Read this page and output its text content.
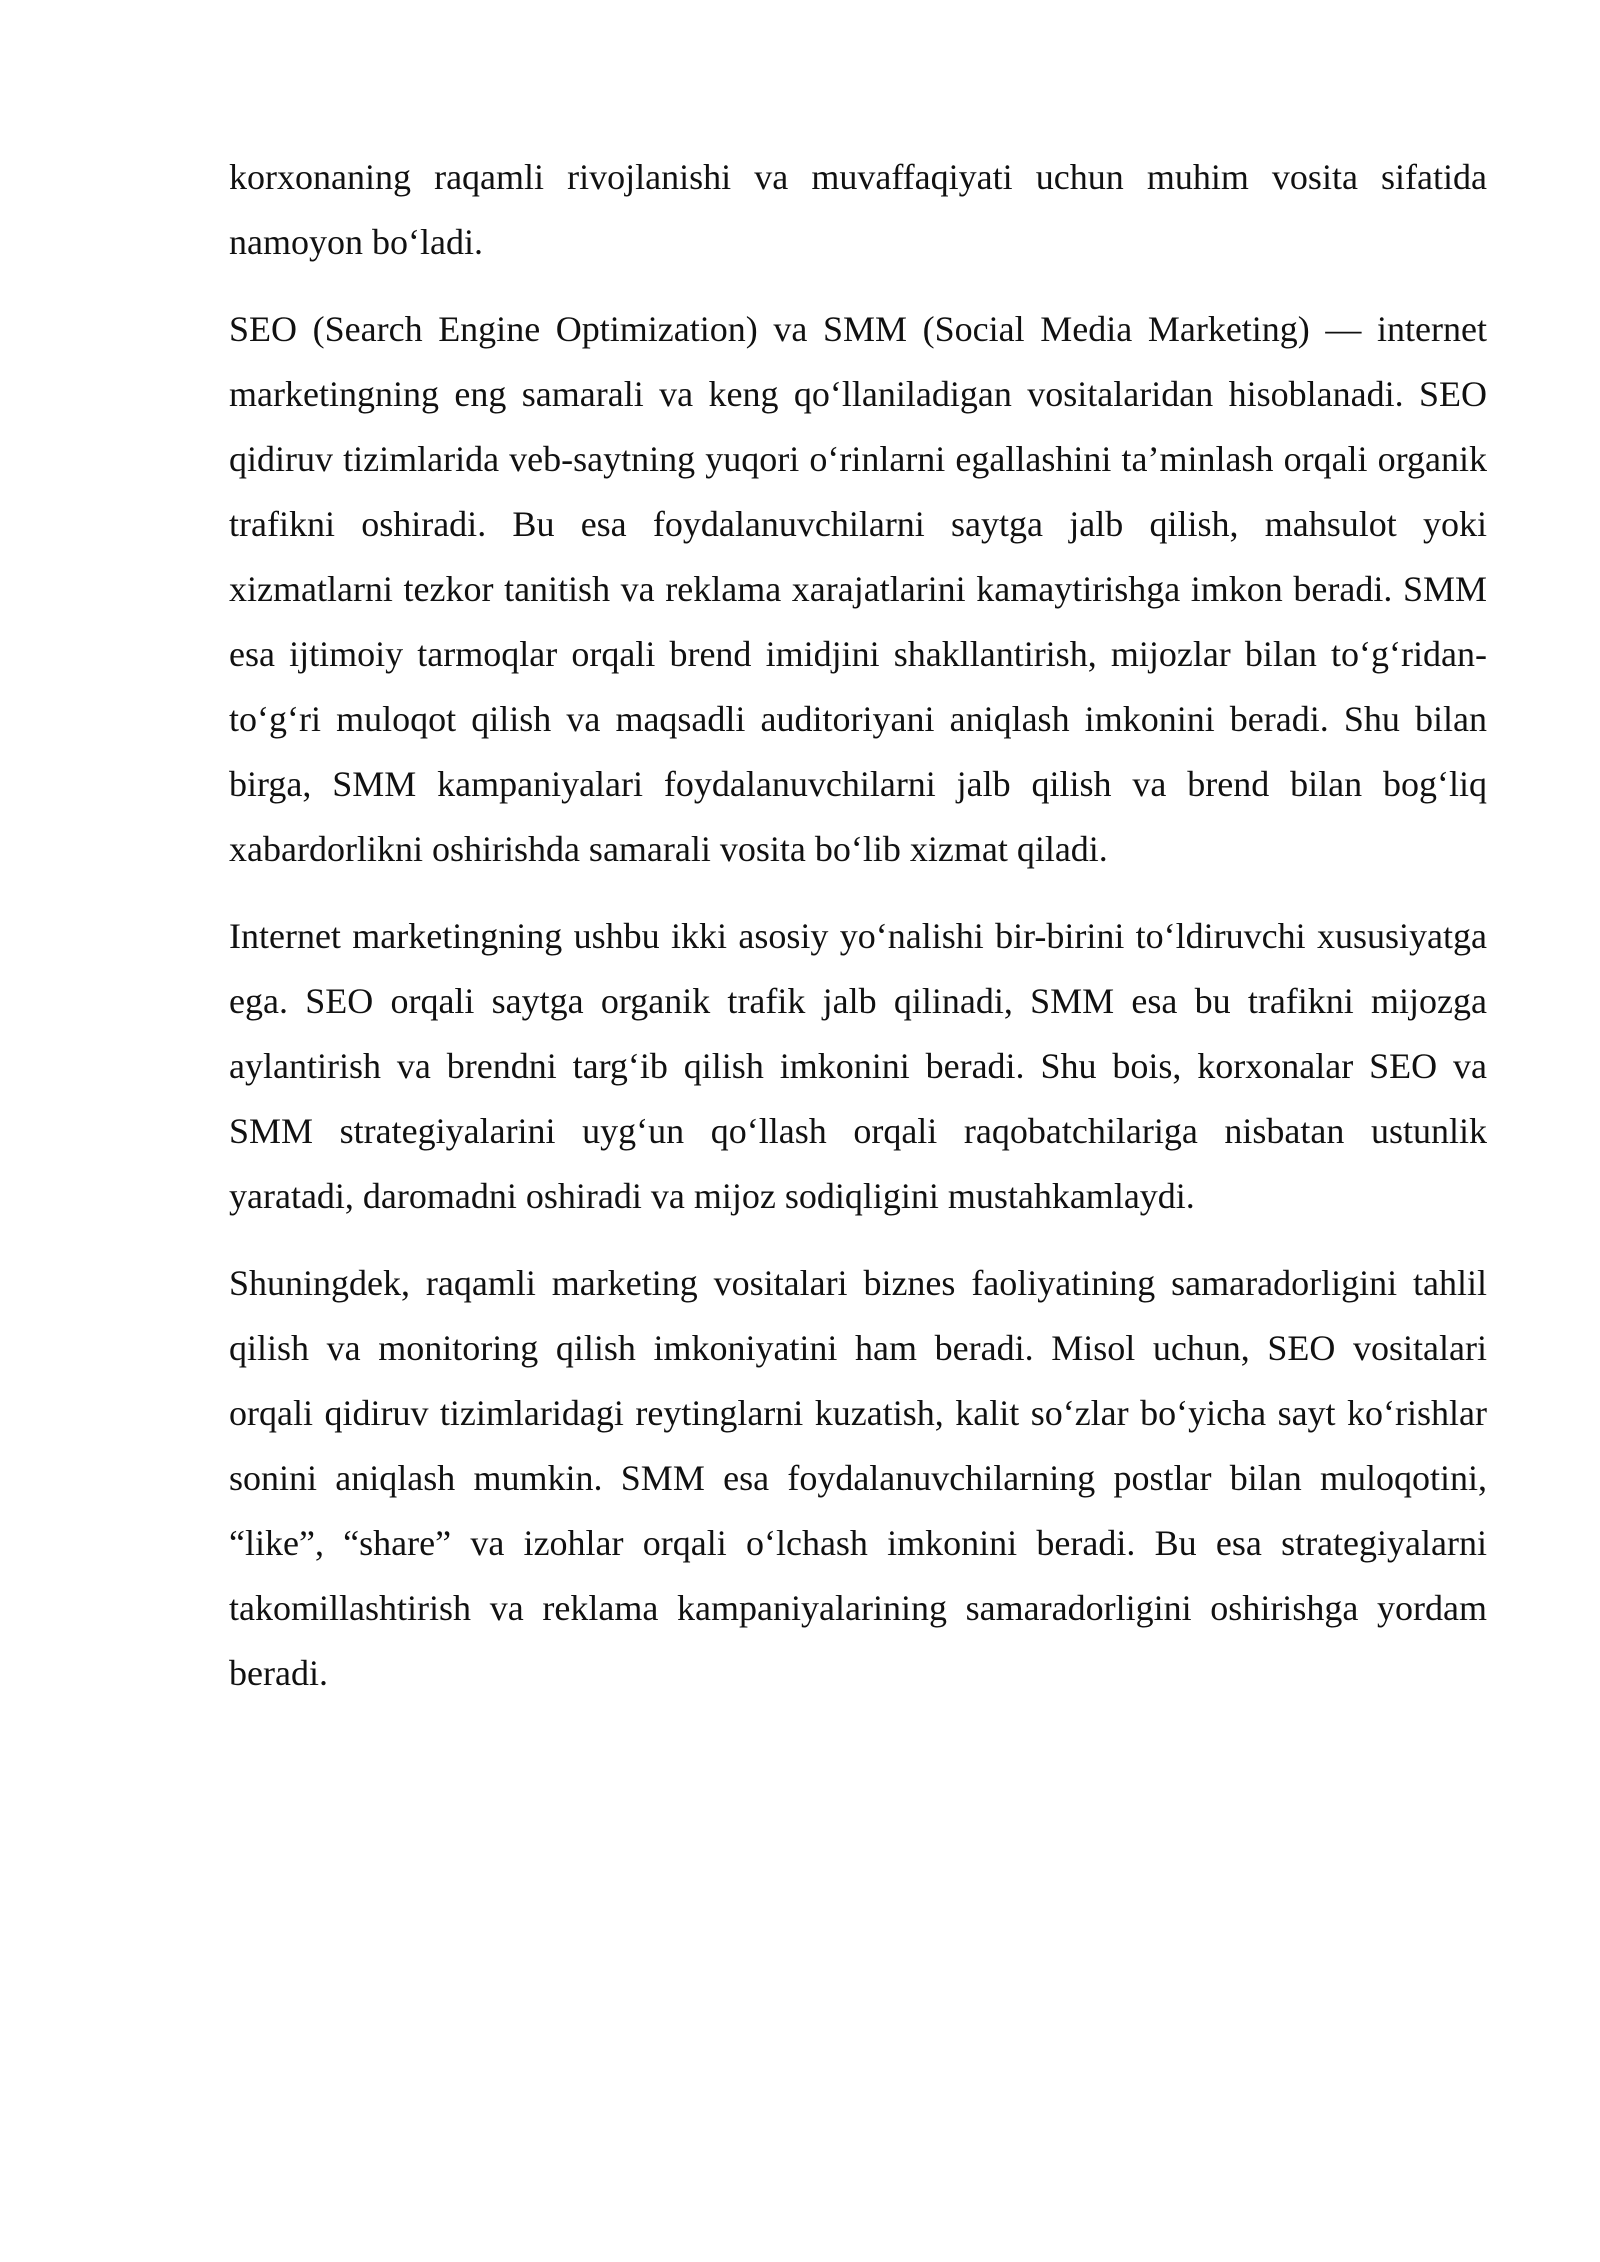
korxonaning raqamli rivojlanishi va muvaffaqiyati uchun muhim vosita sifatida namoyon bo‘ladi.

SEO (Search Engine Optimization) va SMM (Social Media Marketing) — internet marketingning eng samarali va keng qo‘llaniladigan vositalaridan hisoblanadi. SEO qidiruv tizimlarida veb-saytning yuqori o‘rinlarni egallashini ta’minlash orqali organik trafikni oshiradi. Bu esa foydalanuvchilarni saytga jalb qilish, mahsulot yoki xizmatlarni tezkor tanitish va reklama xarajatlarini kamaytirishga imkon beradi. SMM esa ijtimoiy tarmoqlar orqali brend imidjini shakllantirish, mijozlar bilan to‘g‘ridan-to‘g‘ri muloqot qilish va maqsadli auditoriyani aniqlash imkonini beradi. Shu bilan birga, SMM kampaniyalari foydalanuvchilarni jalb qilish va brend bilan bog‘liq xabardorlikni oshirishda samarali vosita bo‘lib xizmat qiladi.

Internet marketingning ushbu ikki asosiy yo‘nalishi bir-birini to‘ldiruvchi xususiyatga ega. SEO orqali saytga organik trafik jalb qilinadi, SMM esa bu trafikni mijozga aylantirish va brendni targ‘ib qilish imkonini beradi. Shu bois, korxonalar SEO va SMM strategiyalarini uyg‘un qo‘llash orqali raqobatchilariga nisbatan ustunlik yaratadi, daromadni oshiradi va mijoz sodiqligini mustahkamlaydi.

Shuningdek, raqamli marketing vositalari biznes faoliyatining samaradorligini tahlil qilish va monitoring qilish imkoniyatini ham beradi. Misol uchun, SEO vositalari orqali qidiruv tizimlaridagi reytinglarni kuzatish, kalit so‘zlar bo‘yicha sayt ko‘rishlar sonini aniqlash mumkin. SMM esa foydalanuvchilarning postlar bilan muloqotini, “like”, “share” va izohlar orqali o‘lchash imkonini beradi. Bu esa strategiyalarni takomillashtirish va reklama kampaniyalarining samaradorligini oshirishga yordam beradi.
